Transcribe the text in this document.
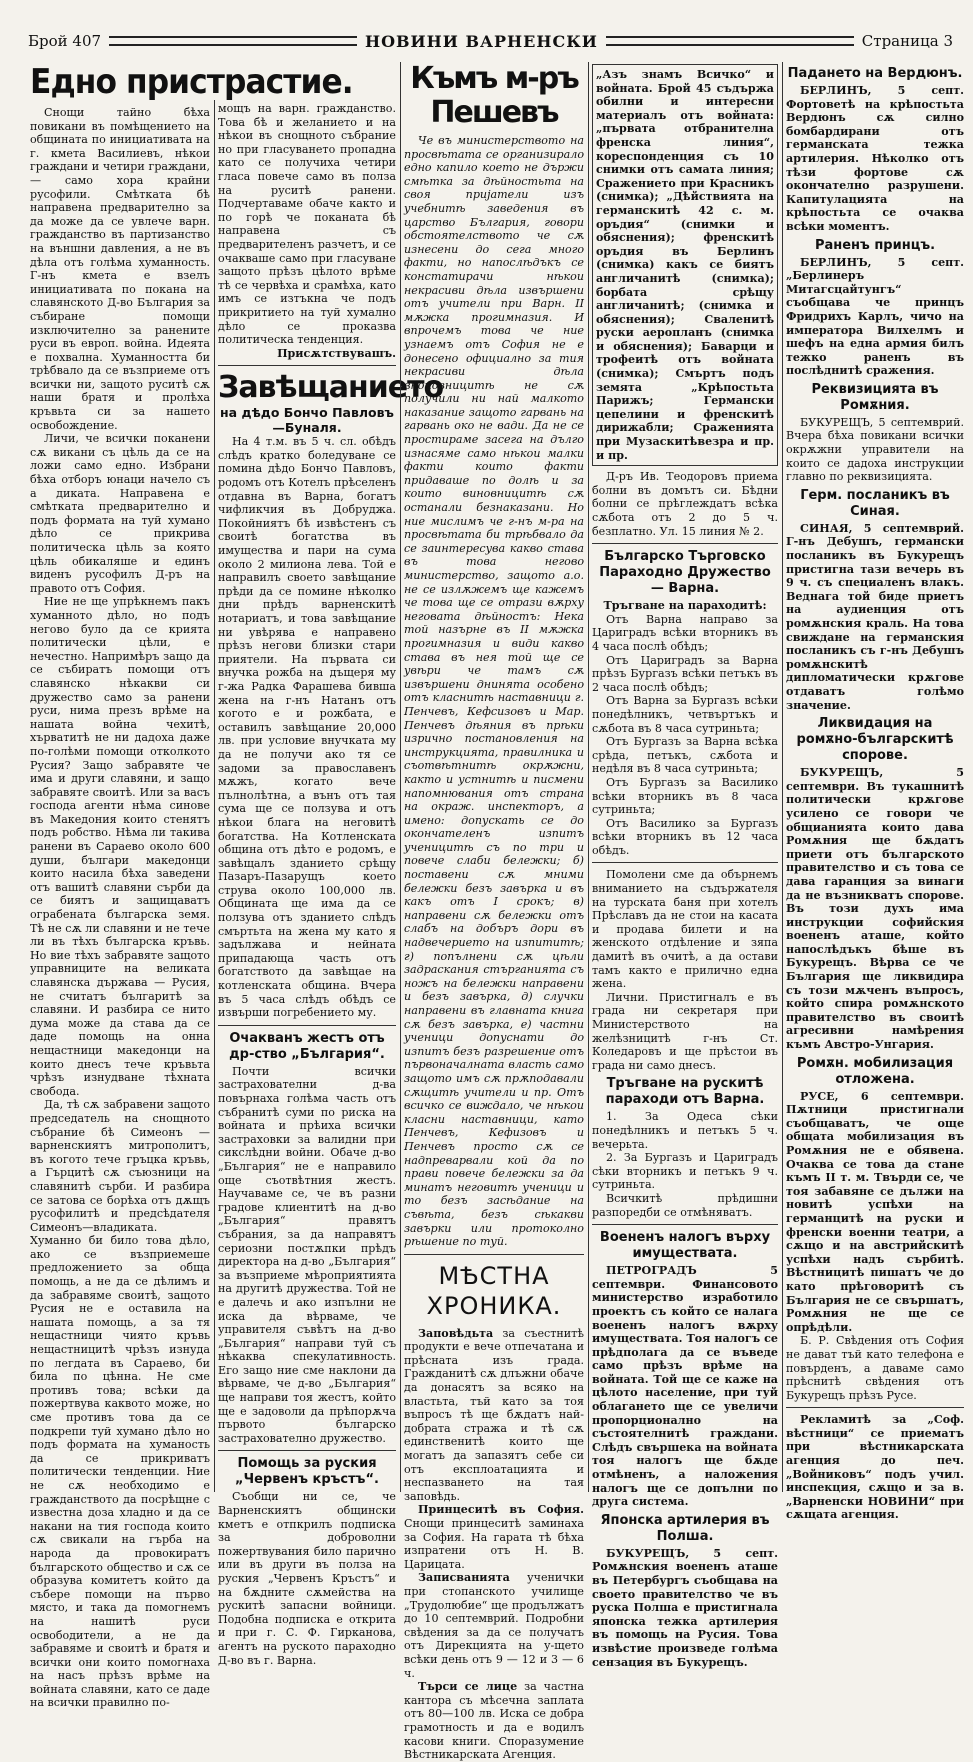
Брой 407	НОВИНИ ВАРНЕНСКИ	Страница 3
Едно пристрастие.

Снощи тайно бѣха повикани въ помѣщението на общината по инициативата на г. кмета Василиевъ, нѣкои граждани и четири граждани, — само хора крайни русофили. Смѣтката бѣ направена предварително за да може да се увлече варн. гражданство въ партизанство на външни давления, а не въ дѣла отъ голѣма хуманность. Г-нъ кмета е взелъ инициативата по покана на славянското Д-во България за събиране помощи изключително за ранените руси въ европ. война. Идеята е похвална. Хуманността би трѣбвало да се възприеме отъ всички ни, защото руситѣ сѫ наши братя и пролѣха кръвьта си за нашето освобождение.

Личи, че всички поканени сѫ викани съ цѣль да се на ложи само едно. Избрани бѣха отборъ юнаци начело съ а диката. Направена е смѣтката предварително и подъ формата на туй хумано дѣло се прикрива политическа цѣль за която цѣль обикаляше и единъ виденъ русофилъ Д-ръ на правото отъ София.

Ние не ще упрѣкнемъ пакъ хуманното дѣло, но подъ негово було да се крията политически цѣли, е нечестно. Напримѣръ защо да се събиратъ помощи отъ славянско нѣкакви си дружество само за ранени руси, нима презъ врѣме на нашата война чехитѣ, хърватитѣ не ни дадоха даже по-голѣми помощи отколкото Русия? Защо забравяте че има и други славяни, и защо забравяте своитѣ. Или за васъ господа агенти нѣма синове въ Македония които стенятъ подъ робство. Нѣма ли такива ранени въ Сараево около 600 души, българи македонци които насила бѣха заведени отъ вашитѣ славяни сърби да се биятъ и защищаватъ ограбената българска земя. Тѣ не сѫ ли славяни и не тече ли въ тѣхъ българска кръвь. Но вие тѣхъ забравяте защото управниците на великата славянска държава — Русия, не считатъ българитѣ за славяни. И разбира се нито дума може да става да се даде помощь на онна нещастници македонци на които днесъ тече кръвьта чрѣзъ изнудване тѣхната свобода.

Да, тѣ сѫ забравени защото председатель на снощното събрание бѣ Симеонъ — варненскиятъ митрополитъ, въ когото тече гръцка кръвь, а Гърцитѣ сѫ съюзници на славянитѣ сърби. И разбира се затова се борѣха отъ дѫщъ русофилитѣ и предсѣдателя Симеонъ—владиката. Хуманно би било това дѣло, ако се възприемеше предложението за обща помощь, а не да се дѣлимъ и да забравяме своитѣ, защото Русия не е оставила на нашата помощь, а за тя нещастници чиято кръвь нещастницитѣ чрѣзъ изнуда по легдата въ Сараево, би била по цѣнна. Не сме противъ това; всѣки да пожертвува каквото може, но сме противъ това да се подкрепи туй хумано дѣло но подъ формата на хуманость да се прикриватъ политически тенденции. Ние не сѫ необходимо е гражданството да посрѣщне с известна доза хладно и да се накани на тия господа които сѫ свикали на гърба на народа да провокиратъ българското общество и сѫ се образува комитетъ който да събере помощи на първо място, и така да помогнемъ на нашитѣ руси освободители, а не да забравяме и своитѣ и братя и всички они които помогнаха на насъ прѣзъ врѣме на войната славяни, като се даде на всички правилно по-

мощъ на варн. гражданство. Това бѣ и желанието и на нѣкои въ снощното събрание но при гласуването пропадна като се получиха четири гласа повече само въ полза на руситѣ ранени. Подчертаваме обаче както и по горѣ че поканата бѣ направена съ предварителенъ разчетъ, и се очакваше само при гласуване защото прѣзъ цѣлото врѣме тѣ се червѣха и срамѣха, като имъ се изтъкна че подъ прикритието на туй хумално дѣло се проказва политическа тенденция.

Присѫтствувашъ.
Завѣщанието
на дѣдо Бончо Павловъ—Буналя.

На 4 т.м. въ 5 ч. сл. обѣдъ слѣдъ кратко боледуване се помина дѣдо Бончо Павловъ, родомъ отъ Котелъ прѣселенъ отдавна въ Варна, богатъ чифликчия въ Добруджа. Покойниятъ бѣ извѣстенъ съ своитѣ богатства въ имущества и пари на сума около 2 милиона лева. Той е направилъ своето завѣщание прѣди да се помине нѣколко дни прѣдъ варненскитѣ нотариатъ, и това завѣщание ни увѣрява е направено прѣзъ негови близки стари приятели. На първата си внучка рожба на дъщеря му г-жа Радка Фарашева бивша жена на г-нъ Натанъ отъ когото е и рожбата, е оставилъ завѣщание 20,000 лв. при условие внучката му да не получи ако тя се задоми за православенъ мѫжъ, когато вече пълнолѣтна, а вънъ отъ тая сума ще се ползува и отъ нѣкои блага на неговитѣ богатства. На Котленската община отъ дѣто е родомъ, е завѣщалъ зданието срѣщу Пазаръ-Пазарущъ което струва около 100,000 лв. Общината ще има да се ползува отъ зданието слѣдъ смъртьта на жена му като я задължава и нейната припадающа часть отъ богатството да завѣщае на котленската община. Вчера въ 5 часа слѣдъ обѣдъ се извърши погребението му.

Очакванъ жестъ отъ др-ство „България“.

Почти всички застрахователни д-ва повърнаха голѣма часть отъ събранитѣ суми по риска на войната и прѣиха всички застраховки за валидни при сикслѣдни войни. Обаче д-во „България“ не е направило още съотвѣтния жестъ. Научаваме се, че въ разни градове клиентитѣ на д-во „България“ правятъ събрания, за да направятъ сериозни постѫпки прѣдъ директора на д-во „България“ за възприеме мѣроприятията на другитѣ дружества. Той не е далечь и ако изпълни не иска да вѣрваме, че управителя съвѣтъ на д-во „България“ направи туй съ нѣкаква спекулативность. Его защо ние сме наклони да вѣрваме, че д-во „България“ ще направи тоя жестъ, който ще е задоволи да прѣпорѫча първото българско застрахователно дружество.

Помощь за руския „Червенъ кръстъ“.

Съобщи ни се, че Варненскиятъ общински кметъ е отпкрилъ подписка за доброволни пожертвувания било парично или въ други въ полза на руския „Червенъ Кръстъ“ и на бѫдните сѫмейства на рускитѣ запасни войници. Подобна подписка е открита и при г. С. Ф. Гирканова, агентъ на руското параходно Д-во въ г. Варна.

Къмъ м-ръ Пешевъ

Че въ министерството на просвѣтата се организирало едно капило което не държи смѣтка за дѣйностьта на своя пријатели изъ учебнитѣ заведения въ царство България, говори обстоятелството че сѫ изнесени до сега много факти, но напослѣдъкъ се констатирачи нѣкои некрасиви дѣла извършени отъ учители при Варн. II мѫжка прогимназия. И впрочемъ това че ние узнаемъ отъ София не е донесено официално за тия некрасиви дѣла вноновницитѣ не сѫ получили ни най малкото наказание защото гарвань на гарвань око не вади. Да не се простираме засега на дълго изнасяме само нѣкои малки факти които факти придаваше по долѣ и за които виновницитѣ сѫ останали безнаказани. Но ние мислимъ че г-нъ м-ра на просвѣтата би трѣбвало да се заинтересува какво става въ това негово министерство, защото а.о. не се излѫжемъ ще кажемъ че това ще се отрази вѫрху неговата дѣйностъ: Нека той назърне въ II мѫжка прогимназия и види какво става въ нея той ще се увѣри че тамъ сѫ извършени днинята особено отъ класнитѣ наставници г. Пенчевъ, Кефсизовъ и Мар. Пенчевъ дѣяния въ прѣки изрично постановления на инструкцията, правилника и съотвѣтнитѣ окрѫжни, както и устнитѣ и писмени напомнювания отъ страна на окраж. инспекторъ, а имено: допускать се до окончателенъ изпитъ ученицитѣ съ по три и повече слаби бележки; б) поставени сѫ мними бележки безъ завърка и въ какъ отъ I срокъ; в) направени сѫ бележки отъ слабъ на добъръ дори въ надвечерието на изпититѣ; г) попълнени сѫ цѣли задраскания стърганията съ ножъ на бележки направени и безъ завърка, д) случки направени въ главната книга сѫ безъ завърка, е) частни ученици допуснати до изпитъ безъ разрешение отъ първоначалната власть само защото имъ сѫ прѫподавали сѫщитѣ учители и пр. Отъ всичко се виждало, че нѣкои класни наставници, като Пенчевъ, Кефизовъ и Пенчевъ просто сѫ се надпреварвали кой да по прави повече бележки за да минатъ неговитѣ ученици и то безъ засѣдание на съвѣта, безъ сѣкакви завърки или протоколно рѣшение по туй.

МѢСТНА ХРОНИКА.

Заповѣдьта за съестнитѣ продукти е вече отпечатана и прѣсната изъ града. Гражданитѣ сѫ длъжни обаче да донасятъ за всяко на властьта, тъй като за тоя въпросъ тѣ ще бѫдатъ най-добрата стража и тѣ сѫ единственитѣ които ще могатъ да запазятъ себе си отъ експлоатацията и неспазването на тая заповѣдь.

Принцеситѣ въ София. Снощи принцеситѣ заминаха за София. На гарата тѣ бѣха изпратени отъ Н. В. Царицата.

Записванията ученички при стопанското училище „Трудолюбие“ ще продължатъ до 10 септемврий. Подробни свѣдения за да се получатъ отъ Дирекцията на у-щето всѣки день отъ 9 — 12 и 3 — 6 ч.

Търси се лице за частна кантора съ мѣсечна заплата отъ 80—100 лв. Иска се добра грамотность и да е водилъ касови книги. Споразумение Вѣстникарската Агенция.

„Азъ знамъ Всичко“ и войната. Брой 45 съдържа обилни и интересни материалъ отъ войната: „първата отбранителна френска линия“, кореспонденция съ 10 снимки отъ самата линия; Сражението при Красникъ (снимка); „Дѣйствията на германскитѣ 42 с. м. оръдия“ (снимки и обяснения); френскитѣ оръдия въ Берлинъ (снимка) какъ се биятъ англичанитѣ (снимка); борбата срѣщу англичанитѣ; (снимка и обяснения); Сваленитѣ руски аеропланъ (снимка и обяснения); Баварци и трофеитѣ отъ войната (снимка); Смъртъ подъ земята „Крѣпостьта Парижъ; Германски цепелини и френскитѣ дирижабли; Сраженията при Музаскитѣвезра и пр. и пр.

Д-ръ Ив. Теодоровъ приема болни въ домътъ си. Бѣдни болни се прѣглеждатъ всѣка сѫбота отъ 2 до 5 ч. безплатно. Ул. 15 линия № 2.

Българско Търговско Параходно Дружество — Варна.
Тръгване на параходитѣ:

Отъ Варна направо за Цариградъ всѣки вторникъ въ 4 часа послѣ обѣдъ;

Отъ Цариградъ за Варна прѣзъ Бургазъ всѣки петъкъ въ 2 часа послѣ обѣдъ;

Отъ Варна за Бургазъ всѣки понедѣлникъ, четвъртъкъ и сѫбота въ 8 часа сутриньта;

Отъ Бургазъ за Варна всѣка срѣда, петъкъ, сѫбота и недѣля въ 8 часа сутриньта;

Отъ Бургазъ за Василико всѣки вторникъ въ 8 часа сутриньта;

Отъ Василико за Бургазъ всѣки вторникъ въ 12 часа обѣдъ.

Помолени сме да обърнемъ вниманието на съдържателя на турската баня при хотелъ Прѣславъ да не стои на касата и продава билети и на женското отдѣление и зяпа дамитѣ въ очитѣ, а да остави тамъ както е прилично една жена.

Лични. Пристигналъ е въ града ни секретаря при Министерството на желѣзницитѣ г-нъ Ст. Коледаровъ и ще прѣстои въ града ни само днесъ.

Тръгване на рускитѣ параходи отъ Варна.

1. За Одеса сѣки понедѣлникъ и петъкъ 5 ч. вечерьта.

2. За Бургазъ и Цариградъ сѣки вторникъ и петъкъ 9 ч. сутриньта.

Всичкитѣ прѣдишни разпоредби се отмѣняватъ.

Воененъ налогъ върху имуществата.

ПЕТРОГРАДЪ 5 септември. Финансовото министерство изработило проектъ съ който се налага воененъ налогъ вѫрху имуществата. Тоя налогъ се прѣдполага да се въведе само прѣзъ врѣме на войната. Той ще се каже на цѣлото население, при туй облагането ще се увеличи пропорционално на състоятелнитѣ граждани. Слѣдъ свършека на войната тоя налогъ ще бѫде отмѣненъ, а наложения налогъ ще се допълни по друга система.

Японска артилерия въ Полша.

БУКУРЕЩЪ, 5 септ. Ромѫнския воененъ аташе въ Петербургъ съобщава на своето правителство че въ руска Полша е пристигнала японска тежка артилерия въ помощь на Русия. Това извѣстие произведе голѣма сензация въ Букурещъ.

Падането на Вердюнъ.

БЕРЛИНЪ, 5 септ. Фортоветѣ на крѣпостьта Вердюнъ сѫ силно бомбардирани отъ германската тежка артилерия. Нѣколко отъ тѣзи фортове сѫ окончателно разрушени. Капитулацията на крѣпостьта се очаква всѣки моментъ.

Раненъ принцъ.

БЕРЛИНЪ, 5 септ. „Берлинеръ Митагсцайтунгъ“ съобщава че принцъ Фридрихъ Карлъ, чичо на императора Вилхелмъ и шефъ на една армия билъ тежко раненъ въ послѣднитѣ сражения.

Реквизицията въ Ромѫния.

БУКУРЕЩЪ, 5 септемврий. Вчера бѣха повикани всички окрѫжни управители на които се дадоха инструкции главно по реквизицията.

Герм. посланикъ въ Синая.

СИНАЯ, 5 септемврий. Г-нъ Дебушъ, германски посланикъ въ Букурещъ пристигна тази вечерь въ 9 ч. съ специаленъ влакъ. Веднага той биде приетъ на аудиенция отъ ромѫнския краль. На това свиждане на германския посланикъ съ г-нъ Дебушъ ромѫнскитѣ дипломатически крѫгове отдаватъ голѣмо значение.

Ликвидация на ромѫно-българскитѣ спорове.

БУКУРЕЩЪ, 5 септември. Въ тукашнитѣ политически крѫгове усилено се говори че общианията които дава Ромѫния ще бѫдатъ приети отъ българското правителство и съ това се дава гаранция за винаги да не възникватъ спорове. Въ този духъ има инструкции софийския воененъ аташе, който напослѣдъкъ бѣше въ Букурещъ. Вѣрва се че България ще ликвидира съ този мѫченъ въпросъ, който спира ромѫнското правителство въ своитѣ агресивни намѣрения къмъ Австро-Унгария.

Ромѫн. мобилизация отложена.

РУСЕ, 6 септември. Пѫтници пристигнали съобщаватъ, че още общата мобилизация въ Ромѫния не е обявена. Очаква се това да стане къмъ II т. м. Твърди се, че тоя забавяне се дължи на новитѣ успѣхи на германцитѣ на руски и френски военни театри, а сѫщо и на австрийскитѣ успѣхи надъ сърбитѣ. Вѣстницитѣ пишатъ че до като прѣговоритѣ съ България не се свършатъ, Ромѫния не ще се опрѣдѣли.

Б. Р. Свѣдения отъ София не дават тъй като телефона е повърденъ, а даваме само прѣснитѣ свѣдения отъ Букурещъ прѣзъ Русе.

Рекламитѣ за „Соф. вѣстници“ се приематъ при вѣстникарската агенция до печ. „Войниковъ“ подъ учил. инспекция, сѫщо и за в. „Варненски НОВИНИ“ при сѫщата агенция.
